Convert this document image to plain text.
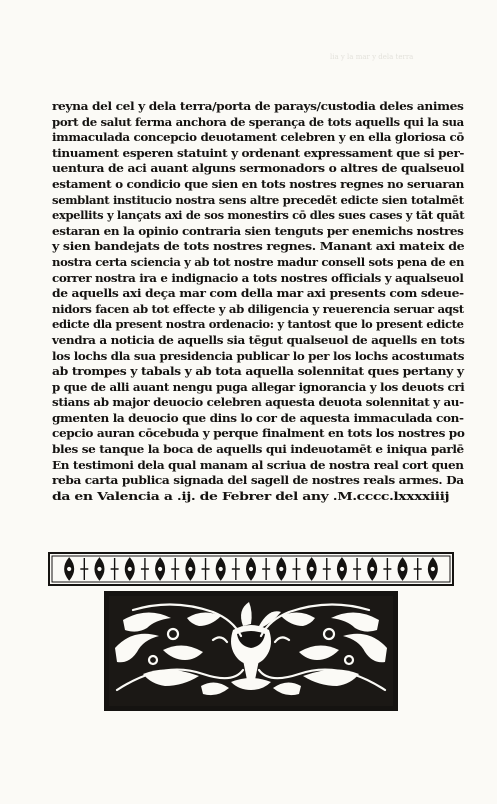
lia y la mar y dela terra
reyna del cel y dela terra/porta de parays/custodia deles animes
port de salut ferma anchora de sperança de tots aquells qui la sua
immaculada concepcio deuotament celebren y en ella gloriosa cō
tinuament esperen statuint y ordenant expressament que si per-
uentura de aci auant alguns sermonadors o altres de qualseuol
estament o condicio que sien en tots nostres regnes no seruaran
semblant institucio nostra sens altre precedēt edicte sien totalmēt
expellits y lançats axi de sos monestirs cō dles sues cases y tāt quāt
estaran en la opinio contraria sien tenguts per enemichs nostres
y sien bandejats de tots nostres regnes. Manant axi mateix de
nostra certa sciencia y ab tot nostre madur consell sots pena de en
correr nostra ira e indignacio a tots nostres officials y aqualseuol
de aquells axi deça mar com della mar axi presents com sdeue-
nidors facen ab tot effecte y ab diligencia y reuerencia seruar aqst
edicte dla present nostra ordenacio: y tantost que lo present edicte
vendra a noticia de aquells sia tēgut qualseuol de aquells en tots
los lochs dla sua presidencia publicar lo per los lochs acostumats
ab trompes y tabals y ab tota aquella solennitat ques pertany y
p que de alli auant nengu puga allegar ignorancia y los deuots cri
stians ab major deuocio celebren aquesta deuota solennitat y au-
gmenten la deuocio que dins lo cor de aquesta immaculada con-
cepcio auran cōcebuda y perque finalment en tots los nostres po
bles se tanque la boca de aquells qui indeuotamēt e iniqua parlē
En testimoni dela qual manam al scriua de nostra real cort quen
reba carta publica signada del sagell de nostres reals armes. Da
da en Valencia a .ij. de Febrer del any .M.cccc.lxxxxiiij
